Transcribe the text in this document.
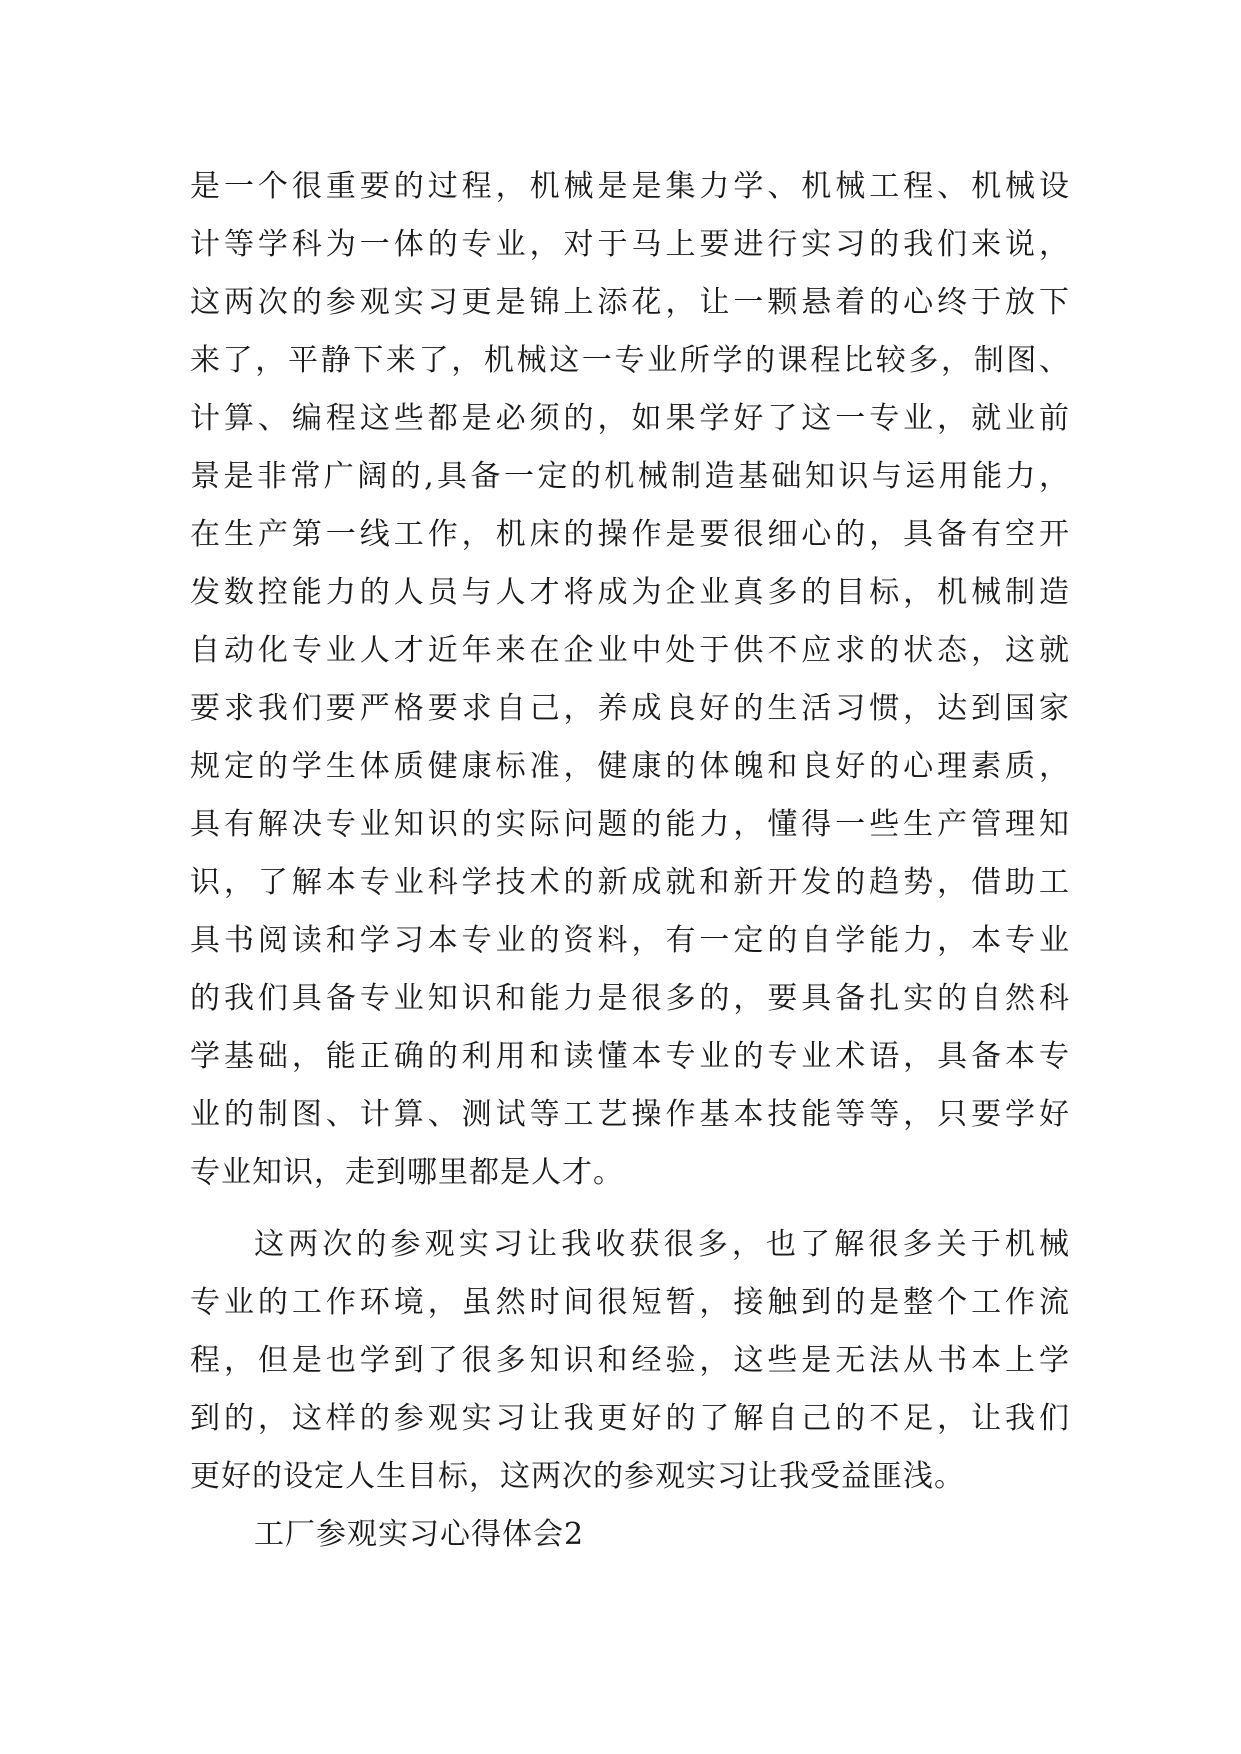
是一个很重要的过程，机械是是集力学、机械工程、机械设
计等学科为一体的专业，对于马上要进行实习的我们来说，
这两次的参观实习更是锦上添花，让一颗悬着的心终于放下
来了，平静下来了，机械这一专业所学的课程比较多，制图、
计算、编程这些都是必须的，如果学好了这一专业，就业前
景是非常广阔的,具备一定的机械制造基础知识与运用能力，
在生产第一线工作，机床的操作是要很细心的，具备有空开
发数控能力的人员与人才将成为企业真多的目标，机械制造
自动化专业人才近年来在企业中处于供不应求的状态，这就
要求我们要严格要求自己，养成良好的生活习惯，达到国家
规定的学生体质健康标准，健康的体魄和良好的心理素质，
具有解决专业知识的实际问题的能力，懂得一些生产管理知
识，了解本专业科学技术的新成就和新开发的趋势，借助工
具书阅读和学习本专业的资料，有一定的自学能力，本专业
的我们具备专业知识和能力是很多的，要具备扎实的自然科
学基础，能正确的利用和读懂本专业的专业术语，具备本专
业的制图、计算、测试等工艺操作基本技能等等，只要学好
专业知识，走到哪里都是人才。
这两次的参观实习让我收获很多，也了解很多关于机械
专业的工作环境，虽然时间很短暂，接触到的是整个工作流
程，但是也学到了很多知识和经验，这些是无法从书本上学
到的，这样的参观实习让我更好的了解自己的不足，让我们
更好的设定人生目标，这两次的参观实习让我受益匪浅。
工厂参观实习心得体会2
